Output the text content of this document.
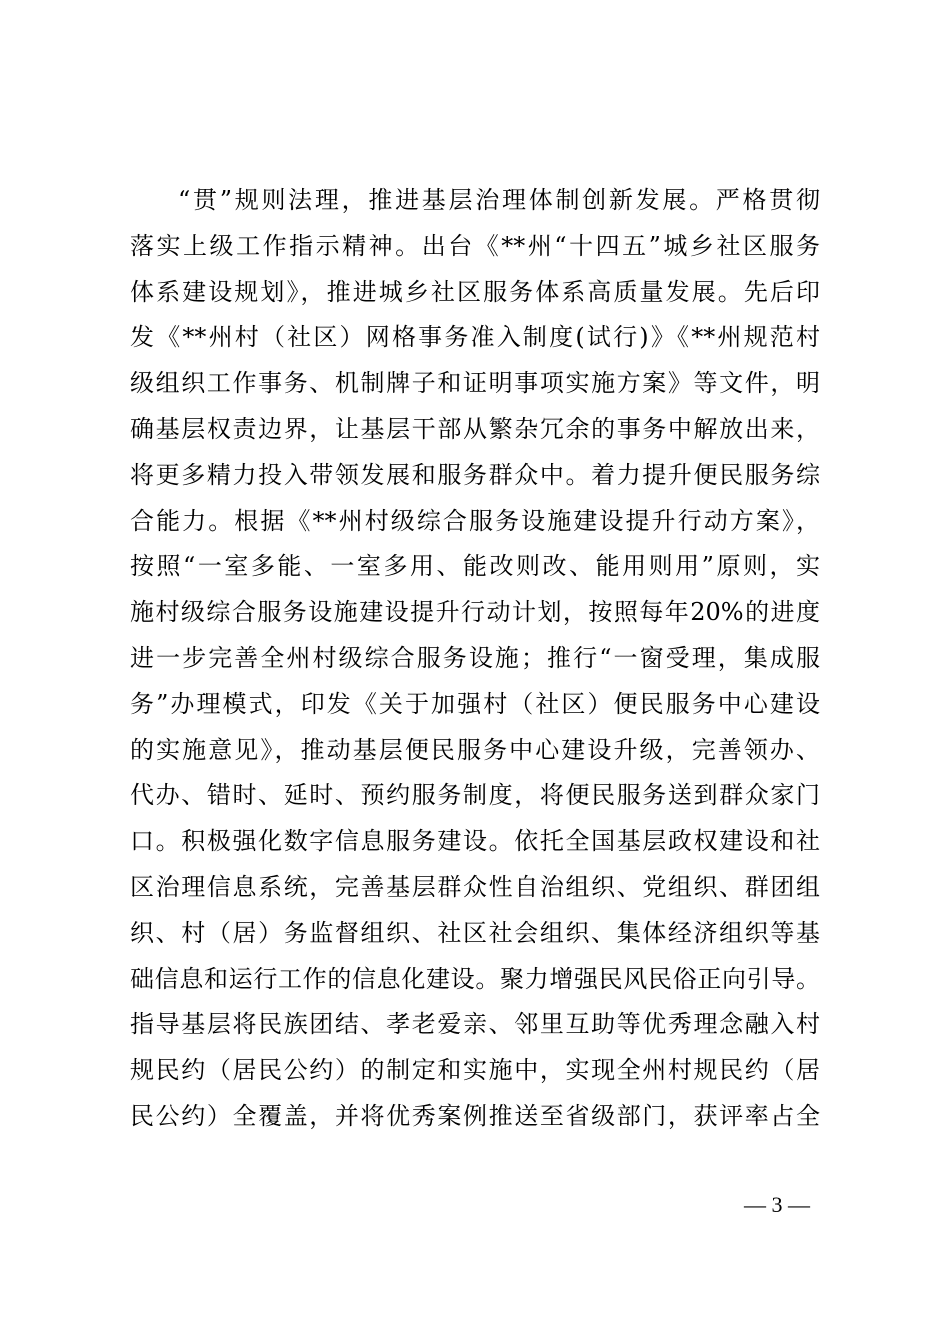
“贯”规则法理，推进基层治理体制创新发展。严格贯彻
落实上级工作指示精神。出台《**州“十四五”城乡社区服务
体系建设规划》，推进城乡社区服务体系高质量发展。先后印
发《**州村（社区）网格事务准入制度(试行)》《**州规范村
级组织工作事务、机制牌子和证明事项实施方案》等文件，明
确基层权责边界，让基层干部从繁杂冗余的事务中解放出来，
将更多精力投入带领发展和服务群众中。着力提升便民服务综
合能力。根据《**州村级综合服务设施建设提升行动方案》，
按照“一室多能、一室多用、能改则改、能用则用”原则，实
施村级综合服务设施建设提升行动计划，按照每年20%的进度
进一步完善全州村级综合服务设施；推行“一窗受理，集成服
务”办理模式，印发《关于加强村（社区）便民服务中心建设
的实施意见》，推动基层便民服务中心建设升级，完善领办、
代办、错时、延时、预约服务制度，将便民服务送到群众家门
口。积极强化数字信息服务建设。依托全国基层政权建设和社
区治理信息系统，完善基层群众性自治组织、党组织、群团组
织、村（居）务监督组织、社区社会组织、集体经济组织等基
础信息和运行工作的信息化建设。聚力增强民风民俗正向引导。
指导基层将民族团结、孝老爱亲、邻里互助等优秀理念融入村
规民约（居民公约）的制定和实施中，实现全州村规民约（居
民公约）全覆盖，并将优秀案例推送至省级部门，获评率占全
— 3 —
